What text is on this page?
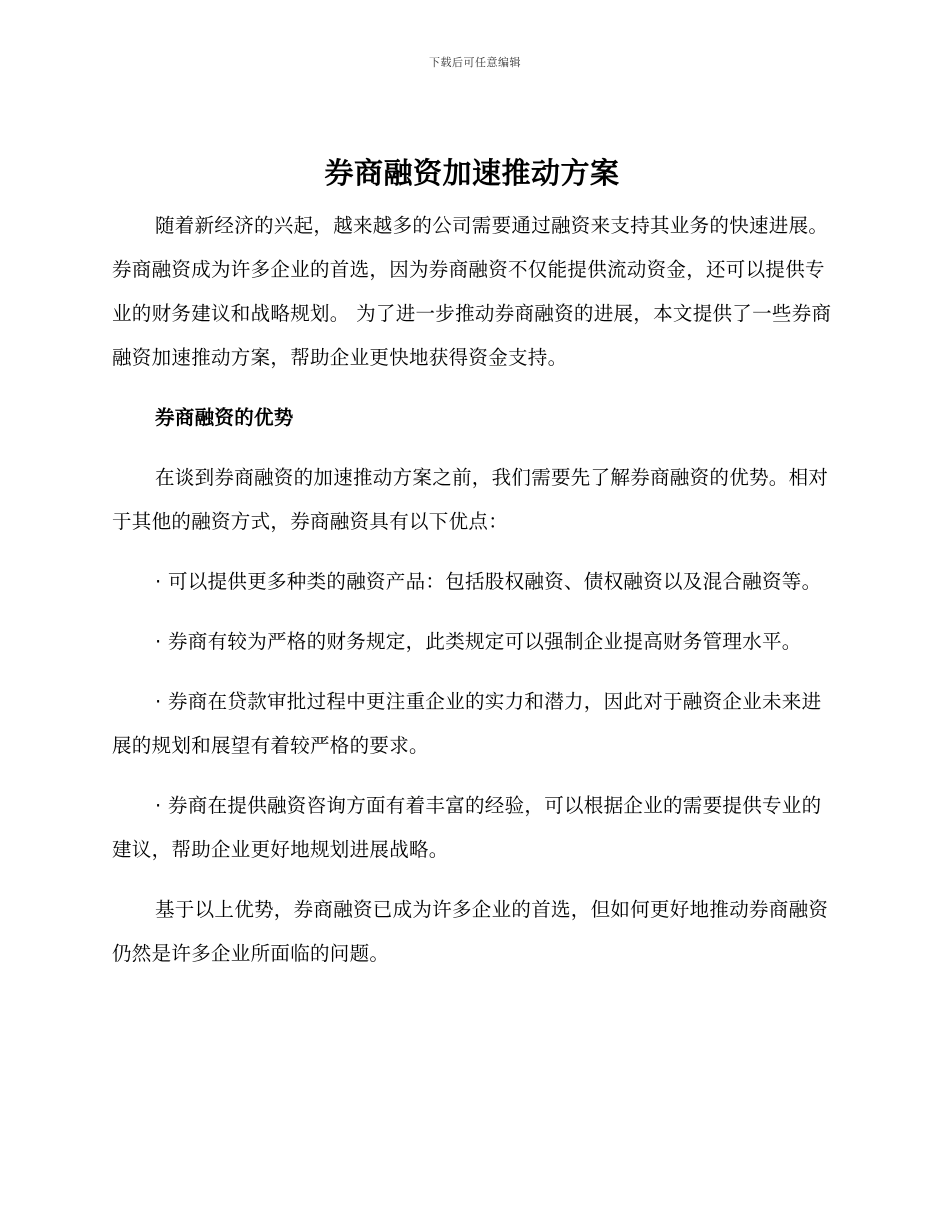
下载后可任意编辑
券商融资加速推动方案

随着新经济的兴起，越来越多的公司需要通过融资来支持其业务的快速进展。券商融资成为许多企业的首选，因为券商融资不仅能提供流动资金，还可以提供专业的财务建议和战略规划。 为了进一步推动券商融资的进展，本文提供了一些券商融资加速推动方案，帮助企业更快地获得资金支持。

券商融资的优势

在谈到券商融资的加速推动方案之前，我们需要先了解券商融资的优势。相对于其他的融资方式，券商融资具有以下优点：

· 可以提供更多种类的融资产品：包括股权融资、债权融资以及混合融资等。

· 券商有较为严格的财务规定，此类规定可以强制企业提高财务管理水平。

· 券商在贷款审批过程中更注重企业的实力和潜力，因此对于融资企业未来进展的规划和展望有着较严格的要求。

· 券商在提供融资咨询方面有着丰富的经验，可以根据企业的需要提供专业的建议，帮助企业更好地规划进展战略。

基于以上优势，券商融资已成为许多企业的首选，但如何更好地推动券商融资仍然是许多企业所面临的问题。
